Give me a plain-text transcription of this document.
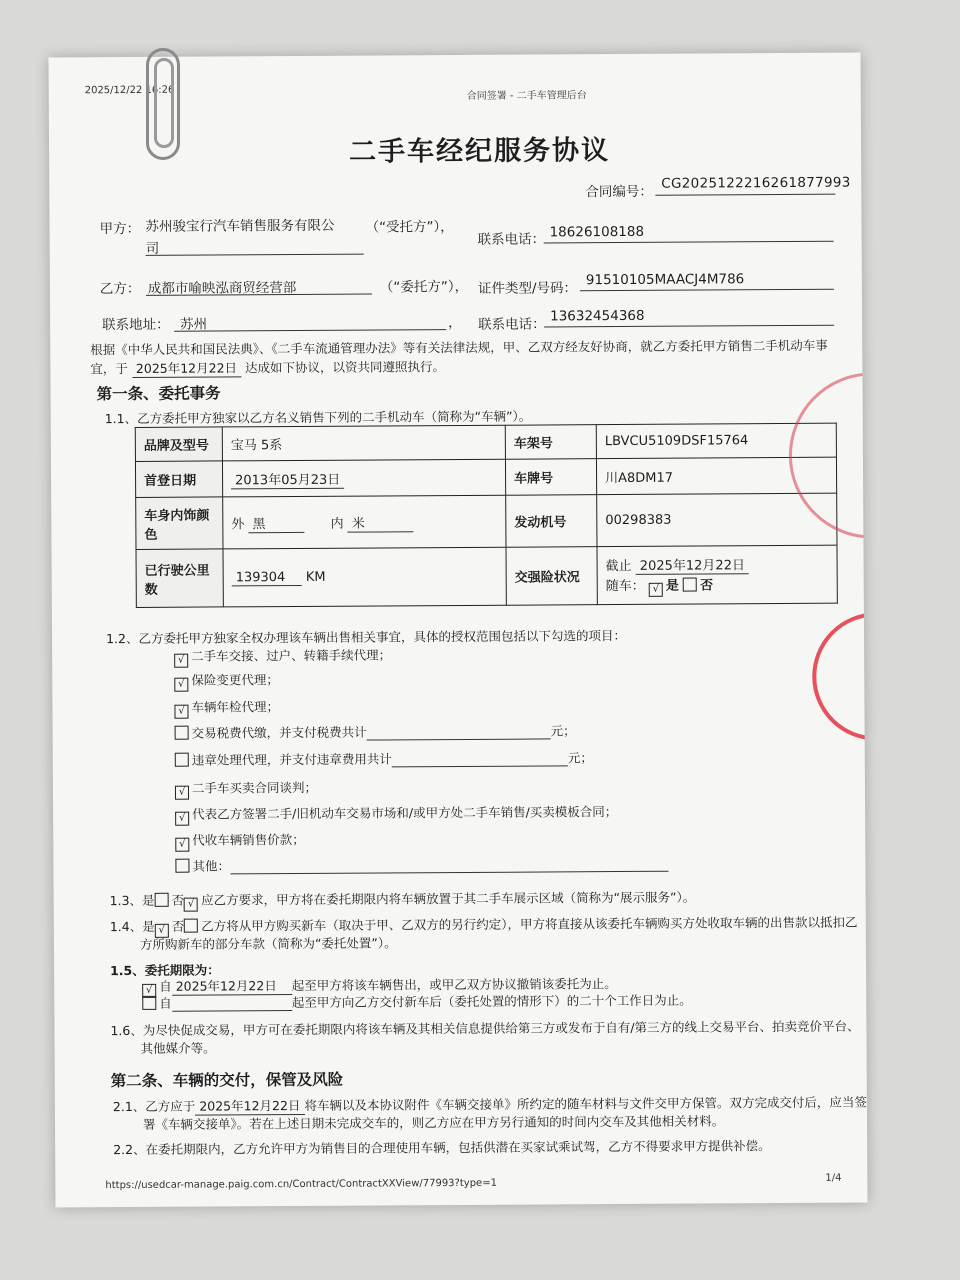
2025/12/22 16:26	合同签署 - 二手车管理后台
二手车经纪服务协议
合同编号：
CG2025122216261877993
甲方： 苏州骏宝行汽车销售服务有限公
司
（“受托方”），
联系电话： 18626108188
乙方： 成都市喻映泓商贸经营部	（“委托方”）， 证件类型/号码：
91510105MAACJ4M786
联系地址： 苏州	， 联系电话：
13632454368
根据《中华人民共和国民法典》、《二手车流通管理办法》等有关法律法规，甲、乙双方经友好协商，就乙方委托甲方销售二手机动车事
宜，于 2025年12月22日 达成如下协议，以资共同遵照执行。
第一条、委托事务
1.1、乙方委托甲方独家以乙方名义销售下列的二手机动车（简称为“车辆”）。
品牌及型号	宝马 5系	车架号	LBVCU5109DSF15764
首登日期	2013年05月23日	车牌号	川A8DM17
车身内饰颜
色	外 黑 内 米	发动机号	00298383
已行驶公里
数	139304 KM	交强险状况	截止 2025年12月22日
随车： √ 是 否
1.2、乙方委托甲方独家全权办理该车辆出售相关事宜，具体的授权范围包括以下勾选的项目：
√ 二手车交接、过户、转籍手续代理；
√ 保险变更代理；
√ 车辆年检代理；
交易税费代缴，并支付税费共计	元；
违章处理代理，并支付违章费用共计	元；
√ 二手车买卖合同谈判；
√ 代表乙方签署二手/旧机动车交易市场和/或甲方处二手车销售/买卖模板合同；
√ 代收车辆销售价款；
其他：
1.3、是 否 √ 应乙方要求，甲方将在委托期限内将车辆放置于其二手车展示区域（简称为“展示服务”）。
1.4、是 √ 否 乙方将从甲方购买新车（取决于甲、乙双方的另行约定），甲方将直接从该委托车辆购买方处收取车辆的出售款以抵扣乙
方所购新车的部分车款（简称为“委托处置”）。
1.5、委托期限为：
√ 自 2025年12月22日 起至甲方将该车辆售出，或甲乙双方协议撤销该委托为止。
自	起至甲方向乙方交付新车后（委托处置的情形下）的二十个工作日为止。
1.6、为尽快促成交易，甲方可在委托期限内将该车辆及其相关信息提供给第三方或发布于自有/第三方的线上交易平台、拍卖竞价平台、
其他媒介等。
第二条、车辆的交付，保管及风险
2.1、乙方应于 2025年12月22日 将车辆以及本协议附件《车辆交接单》所约定的随车材料与文件交甲方保管。双方完成交付后，应当签
署《车辆交接单》。若在上述日期未完成交车的，则乙方应在甲方另行通知的时间内交车及其他相关材料。
2.2、在委托期限内，乙方允许甲方为销售目的合理使用车辆，包括供潜在买家试乘试驾，乙方不得要求甲方提供补偿。
https://usedcar-manage.paig.com.cn/Contract/ContractXXView/77993?type=1	1/4
